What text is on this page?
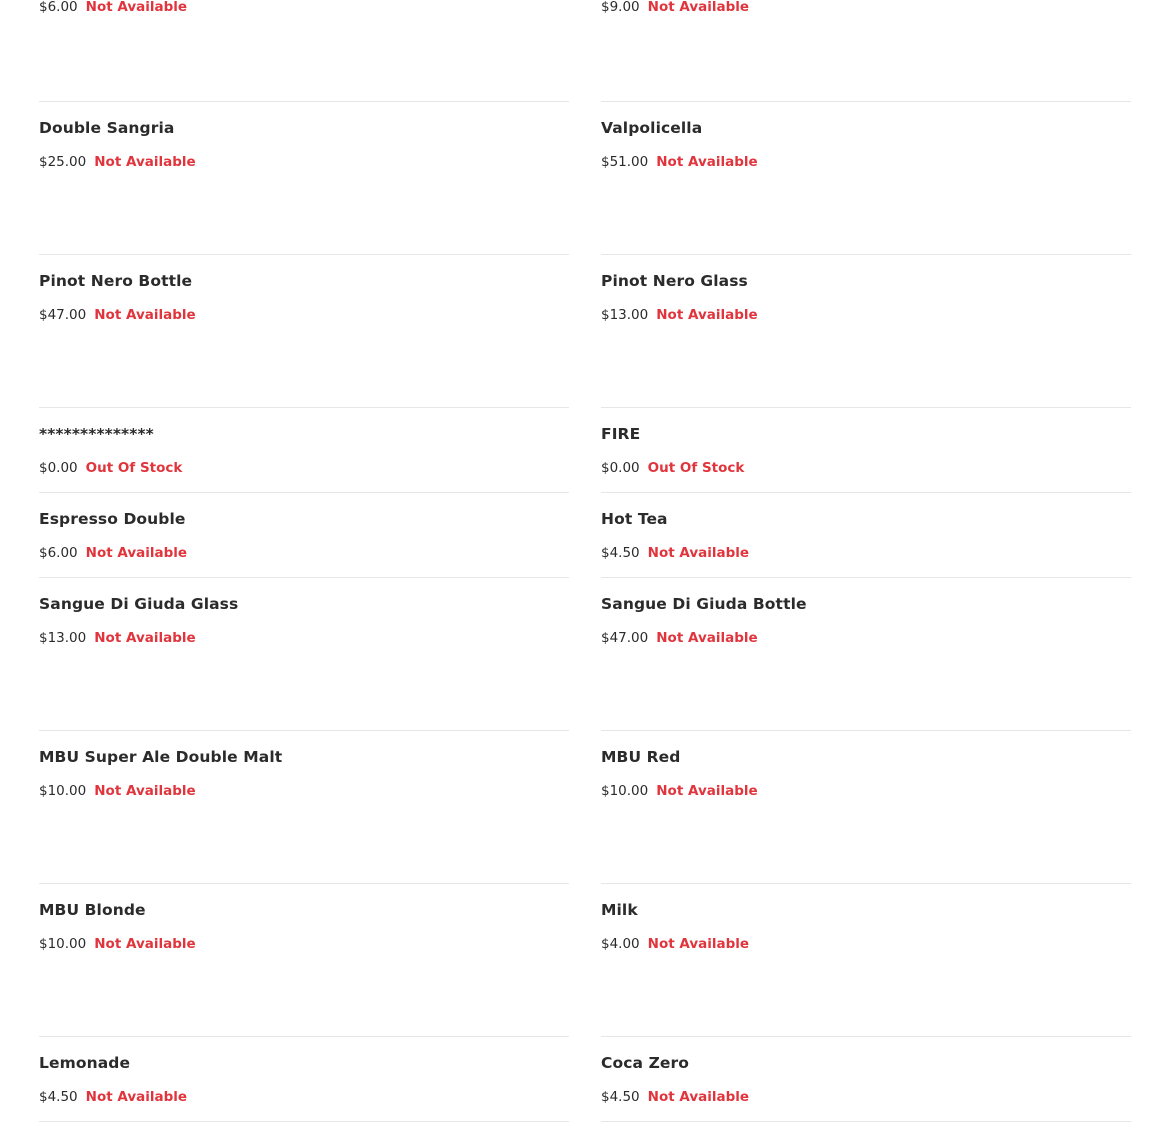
$6.00 Not Available
Double Sangria
$25.00 Not Available
Pinot Nero Bottle
$47.00 Not Available
**************
$0.00 Out Of Stock
Espresso Double
$6.00 Not Available
Sangue Di Giuda Glass
$13.00 Not Available
MBU Super Ale Double Malt
$10.00 Not Available
MBU Blonde
$10.00 Not Available
Lemonade
$4.50 Not Available
$9.00 Not Available
Valpolicella
$51.00 Not Available
Pinot Nero Glass
$13.00 Not Available
FIRE
$0.00 Out Of Stock
Hot Tea
$4.50 Not Available
Sangue Di Giuda Bottle
$47.00 Not Available
MBU Red
$10.00 Not Available
Milk
$4.00 Not Available
Coca Zero
$4.50 Not Available
